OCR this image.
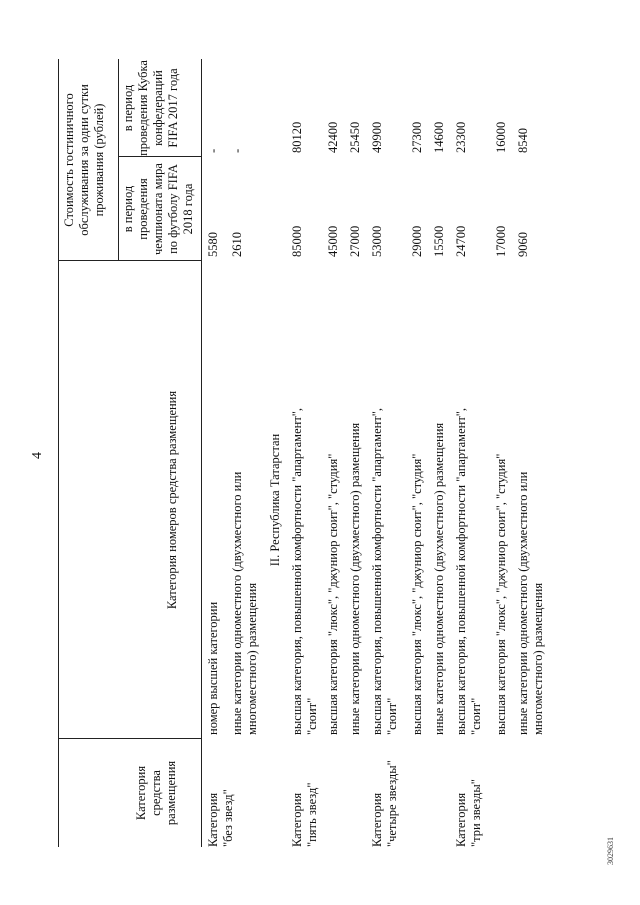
4
3029631
Категория средства размещения
Категория номеров средства размещения
Стоимость гостиничного обслуживания за одни сутки проживания (рублей) в период проведения чемпионата мира по футболу FIFA 2018 года
в период проведения Кубка конфедераций FIFA 2017 года
Категория "без звезд"
номер высшей категории
5580
-
иные категории одноместного (двухместного или многоместного) размещения
2610
-
II. Республика Татарстан
Категория "пять звезд"
высшая категория, повышенной комфортности "апартамент", "сюит"
85000
80120
высшая категория "люкс", "джуниор сюит", "студия"
45000
42400
иные категории одноместного (двухместного) размещения
27000
25450
Категория "четыре звезды"
высшая категория, повышенной комфортности "апартамент", "сюит"
53000
49900
высшая категория "люкс", "джуниор сюит", "студия"
29000
27300
иные категории одноместного (двухместного) размещения
15500
14600
Категория "три звезды"
высшая категория, повышенной комфортности "апартамент", "сюит"
24700
23300
высшая категория "люкс", "джуниор сюит", "студия"
17000
16000
иные категории одноместного (двухместного или многоместного) размещения
9060
8540
